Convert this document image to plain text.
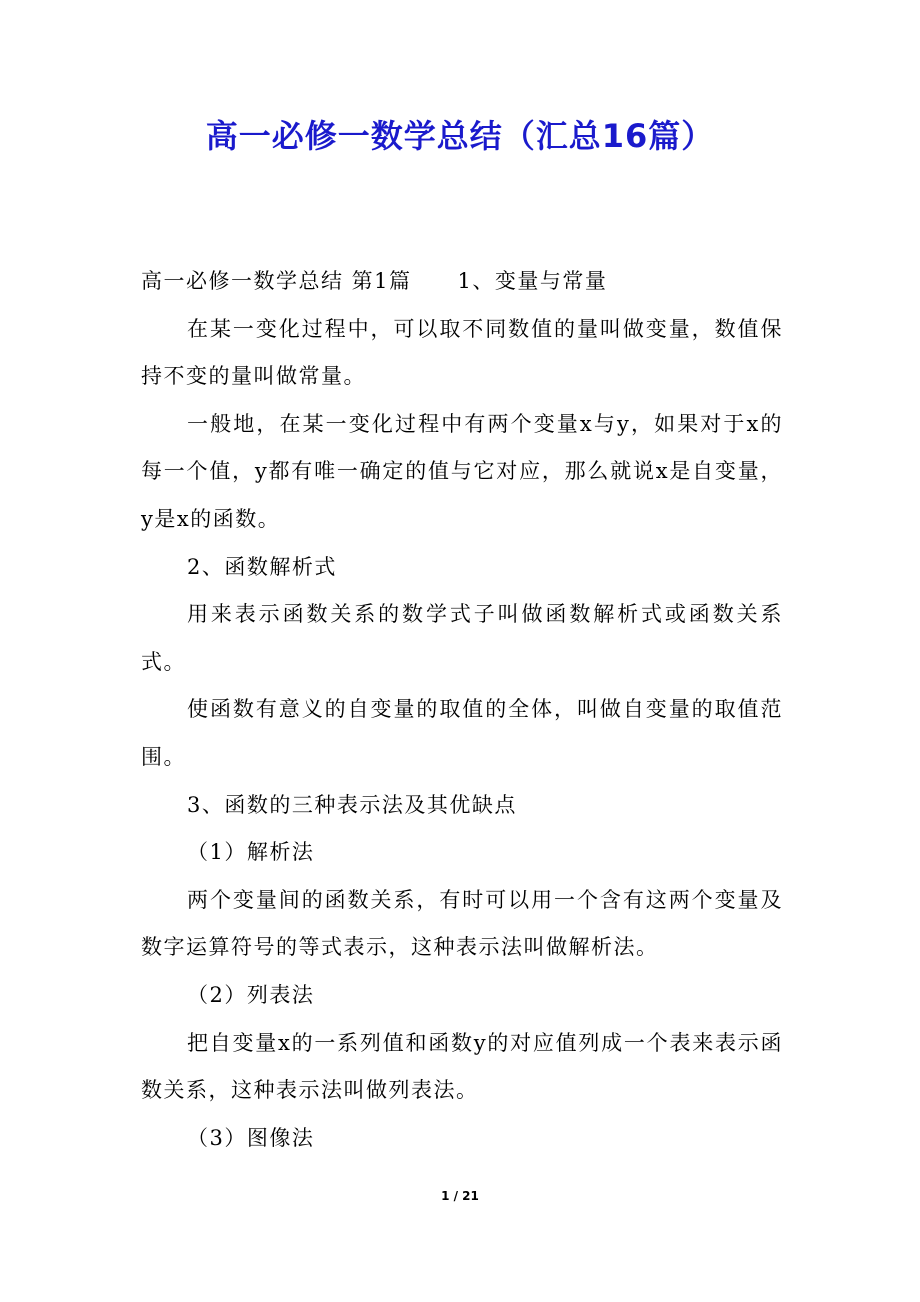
高一必修一数学总结（汇总16篇）

高一必修一数学总结 第1篇 1、变量与常量

在某一变化过程中，可以取不同数值的量叫做变量，数值保持不变的量叫做常量。

一般地，在某一变化过程中有两个变量x与y，如果对于x的每一个值，y都有唯一确定的值与它对应，那么就说x是自变量，y是x的函数。

2、函数解析式

用来表示函数关系的数学式子叫做函数解析式或函数关系式。

使函数有意义的自变量的取值的全体，叫做自变量的取值范围。

3、函数的三种表示法及其优缺点

（1）解析法

两个变量间的函数关系，有时可以用一个含有这两个变量及数字运算符号的等式表示，这种表示法叫做解析法。

（2）列表法

把自变量x的一系列值和函数y的对应值列成一个表来表示函数关系，这种表示法叫做列表法。

（3）图像法

1 / 21
